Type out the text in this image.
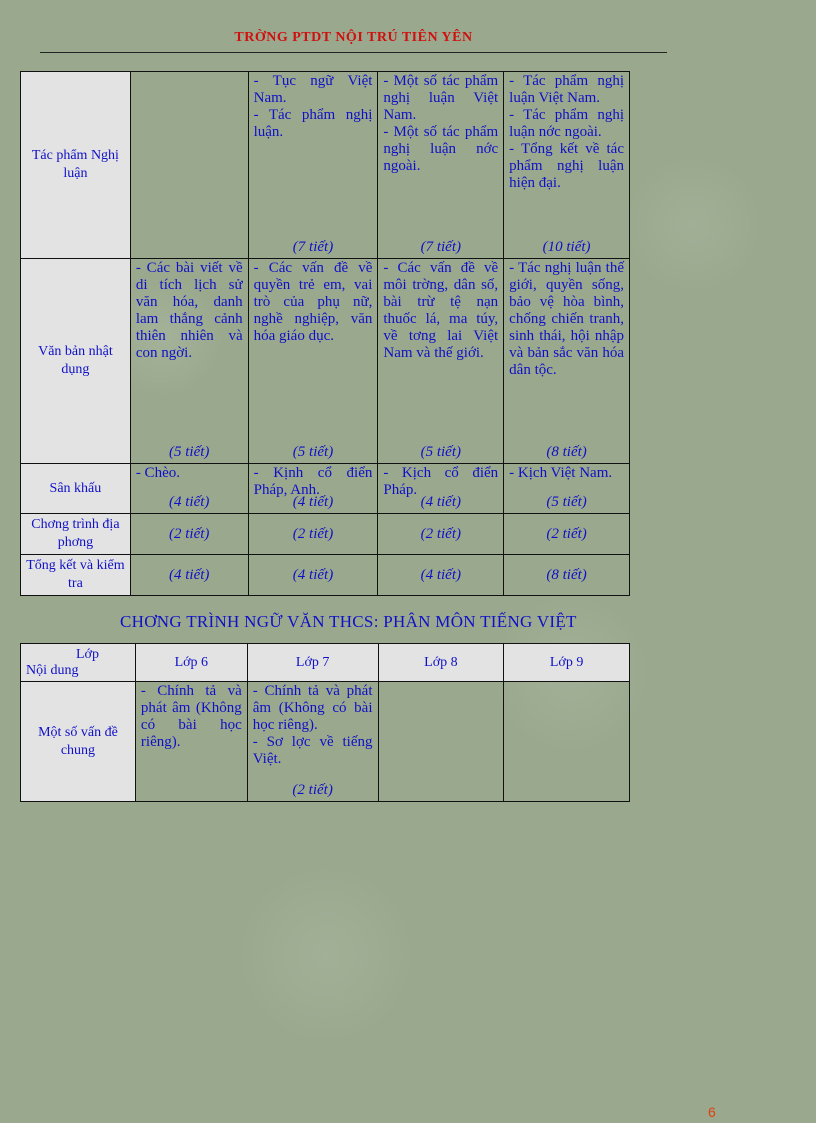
TRỜNG PTDT NỘI TRÚ TIÊN YÊN
Tác phẩm Nghị luận		- Tục ngữ Việt Nam.
- Tác phẩm nghị luận.
(7 tiết)	- Một số tác phẩm nghị luận Việt Nam.
- Một số tác phẩm nghị luận nớc ngoài.
(7 tiết)	- Tác phẩm nghị luận Việt Nam.
- Tác phẩm nghị luận nớc ngoài.
- Tổng kết về tác phẩm nghị luận hiện đại.
(10 tiết)

Văn bản nhật dụng	- Các bài viết về di tích lịch sử văn hóa, danh lam thắng cảnh thiên nhiên và con ngời.
(5 tiết)	- Các vấn đề về quyền trẻ em, vai trò của phụ nữ, nghề nghiệp, văn hóa giáo dục.
(5 tiết)	- Các vấn đề về môi trờng, dân số, bài trừ tệ nạn thuốc lá, ma túy, về tơng lai Việt Nam và thế giới.
(5 tiết)	- Tác nghị luận thế giới, quyền sống, bảo vệ hòa bình, chống chiến tranh, sinh thái, hội nhập và bản sắc văn hóa dân tộc.
(8 tiết)

Sân khấu	- Chèo.
(4 tiết)	- Kịnh cổ điển Pháp, Anh.
(4 tiết)	- Kịch cổ điển Pháp.
(4 tiết)	- Kịch Việt Nam.
(5 tiết)

Chơng trình địa phơng	(2 tiết)	(2 tiết)	(2 tiết)	(2 tiết)

Tổng kết và kiểm tra	(4 tiết)	(4 tiết)	(4 tiết)	(8 tiết)
CHƠNG TRÌNH NGỮ VĂN THCS: PHÂN MÔN TIẾNG VIỆT
Lớp
Nội dung	Lớp 6	Lớp 7	Lớp 8	Lớp 9
Một số vấn đề chung	- Chính tả và phát âm (Không có bài học riêng).	- Chính tả và phát âm (Không có bài học riêng).
- Sơ lợc về tiếng Việt.
(2 tiết)		

6
